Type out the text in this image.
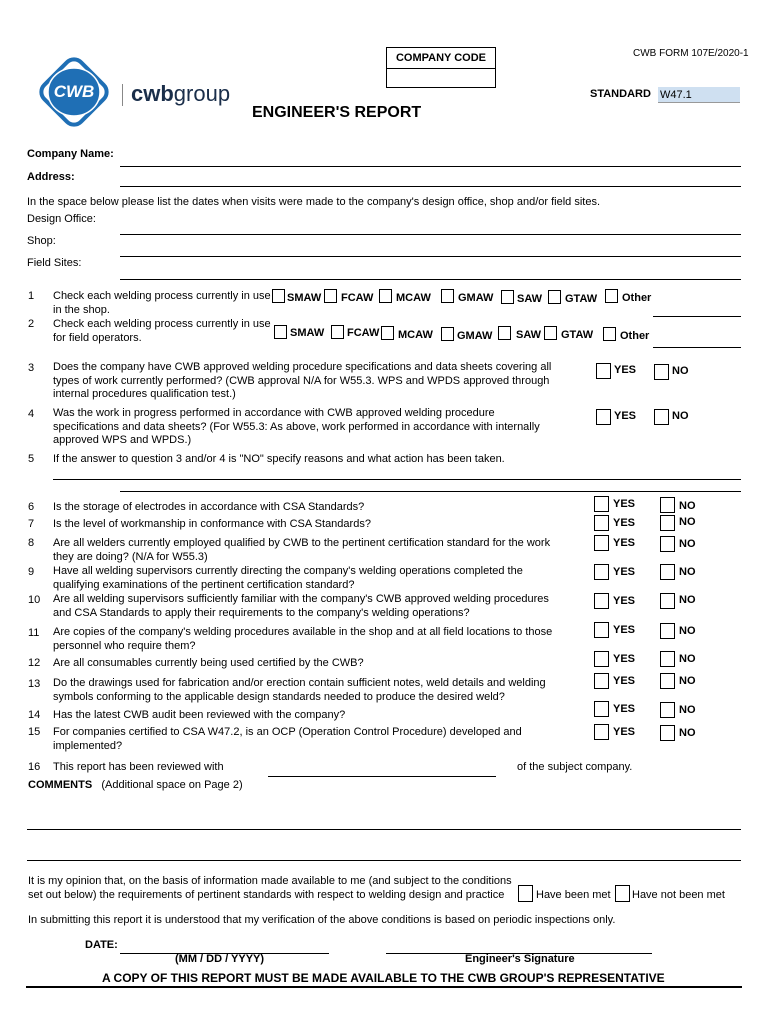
CWB	cwbgroup
COMPANY CODE	CWB FORM 107E/2020-1
ENGINEER'S REPORT
STANDARD W47.1
Company Name:
Address:
In the space below please list the dates when visits were made to the company's design office, shop and/or field sites.
Design Office:
Shop:
Field Sites:
1 Check each welding process currently in use
in the shop.
SMAW FCAW MCAW GMAW SAW GTAW Other
2 Check each welding process currently in use
for field operators.	SMAW FCAW MCAW GMAW SAW GTAW Other
3 Does the company have CWB approved welding procedure specifications and data sheets covering all types of work currently performed? (CWB approval N/A for W55.3. WPS and WPDS approved through internal procedures qualification test.)
YES	NO
4 Was the work in progress performed in accordance with CWB approved welding procedure specifications and data sheets? (For W55.3: As above, work performed in accordance with internally approved WPS and WPDS.)
YES	NO
5 If the answer to question 3 and/or 4 is "NO" specify reasons and what action has been taken.
6 Is the storage of electrodes in accordance with CSA Standards?	YES	NO
7 Is the level of workmanship in conformance with CSA Standards?	YES	NO
8 Are all welders currently employed qualified by CWB to the pertinent certification standard for the work they are doing? (N/A for W55.3)
YES	NO
9 Have all welding supervisors currently directing the company's welding operations completed the qualifying examinations of the pertinent certification standard?
YES	NO
10 Are all welding supervisors sufficiently familiar with the company's CWB approved welding procedures and CSA Standards to apply their requirements to the company's welding operations?
YES	NO
11 Are copies of the company's welding procedures available in the shop and at all field locations to those personnel who require them?
YES	NO
12 Are all consumables currently being used certified by the CWB?	YES	NO
13 Do the drawings used for fabrication and/or erection contain sufficient notes, weld details and welding symbols conforming to the applicable design standards needed to produce the desired weld?
YES	NO
14 Has the latest CWB audit been reviewed with the company?	YES	NO
15 For companies certified to CSA W47.2, is an OCP (Operation Control Procedure) developed and implemented?
YES	NO
16 This report has been reviewed with	of the subject company.
COMMENTS (Additional space on Page 2)
It is my opinion that, on the basis of information made available to me (and subject to the conditions
set out below) the requirements of pertinent standards with respect to welding design and practice	Have been met Have not been met
In submitting this report it is understood that my verification of the above conditions is based on periodic inspections only.
DATE:
(MM / DD / YYYY)	Engineer's Signature
A COPY OF THIS REPORT MUST BE MADE AVAILABLE TO THE CWB GROUP'S REPRESENTATIVE
